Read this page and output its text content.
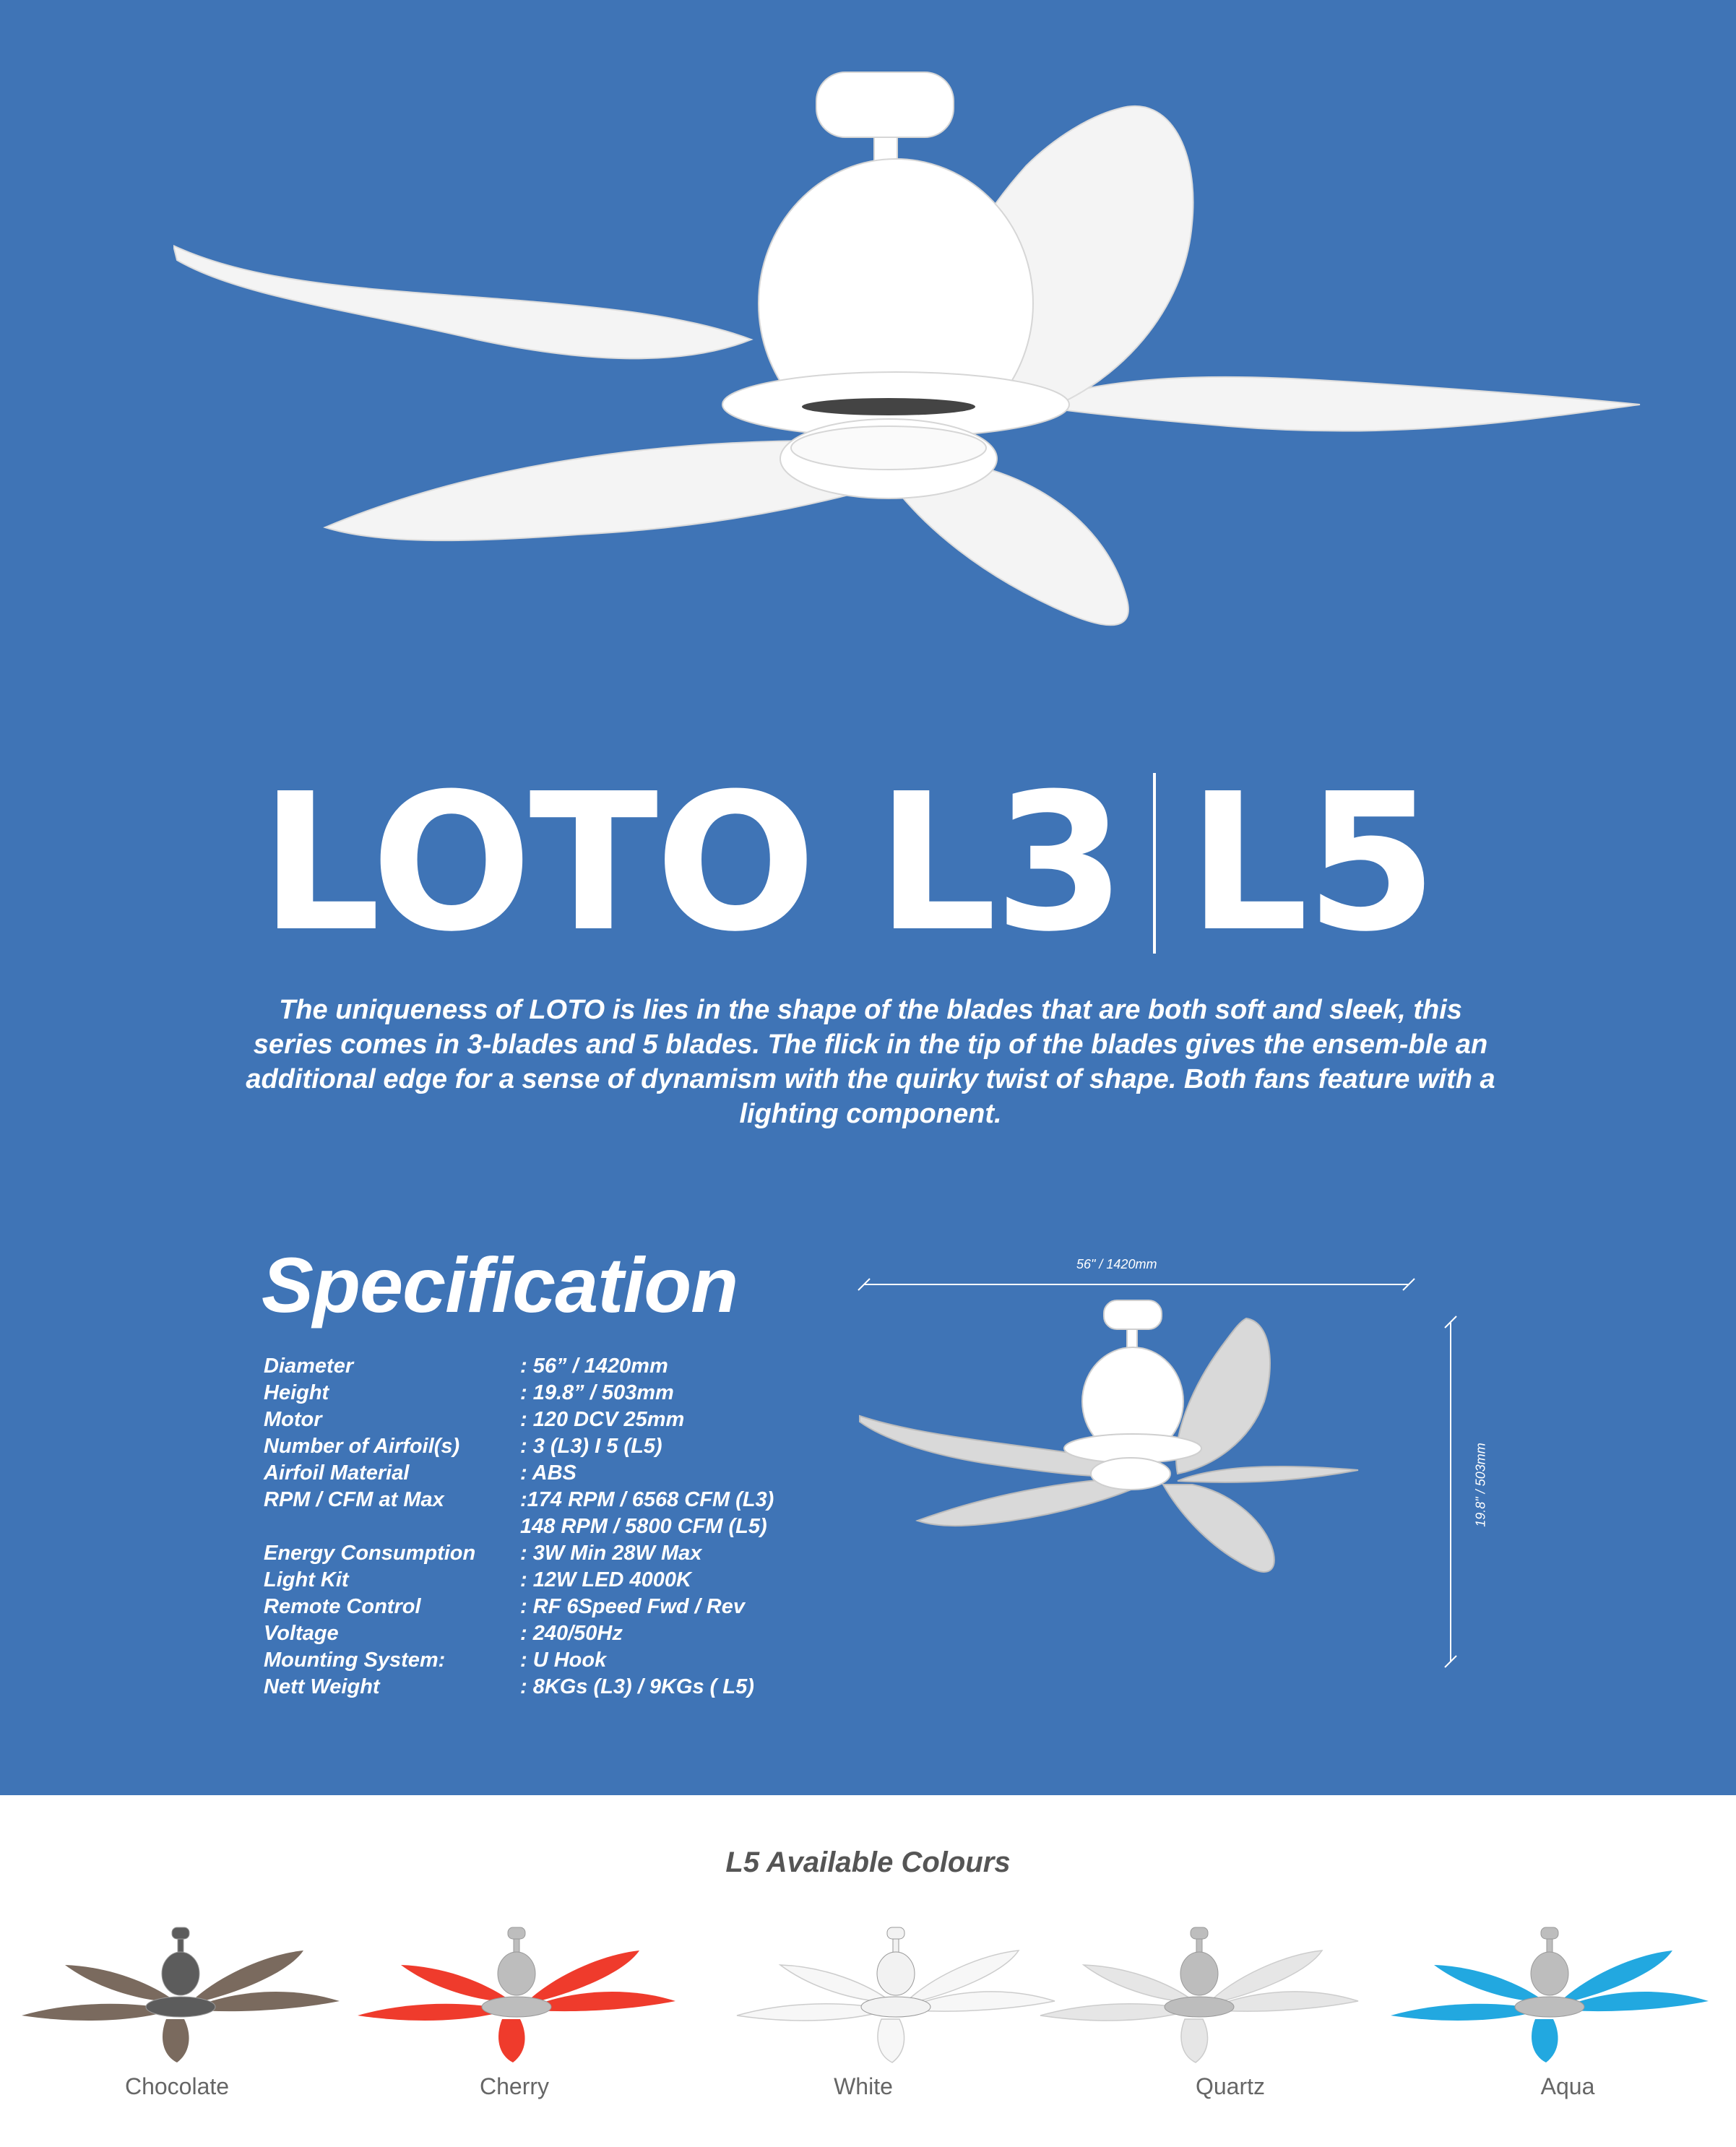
LOTO L3 L5
The uniqueness of LOTO is lies in the shape of the blades that are both soft and sleek, this series comes in 3-blades and 5 blades. The flick in the tip of the blades gives the ensem-ble an additional edge for a sense of dynamism with the quirky twist of shape. Both fans feature with a lighting component.
Specification
Diameter	: 56” / 1420mm
Height	: 19.8” / 503mm
Motor	: 120 DCV 25mm
Number of Airfoil(s)	: 3 (L3) I 5 (L5)
Airfoil Material	: ABS
RPM / CFM at Max	:174 RPM / 6568 CFM (L3)
148 RPM / 5800 CFM (L5)
Energy Consumption	: 3W Min 28W Max
Light Kit	: 12W LED 4000K
Remote Control	: RF 6Speed Fwd / Rev
Voltage	: 240/50Hz
Mounting System:	: U Hook
Nett Weight	: 8KGs (L3) / 9KGs ( L5)
56" / 1420mm
19.8" / 503mm
L5 Available Colours
Chocolate	Cherry	White	Quartz	Aqua
